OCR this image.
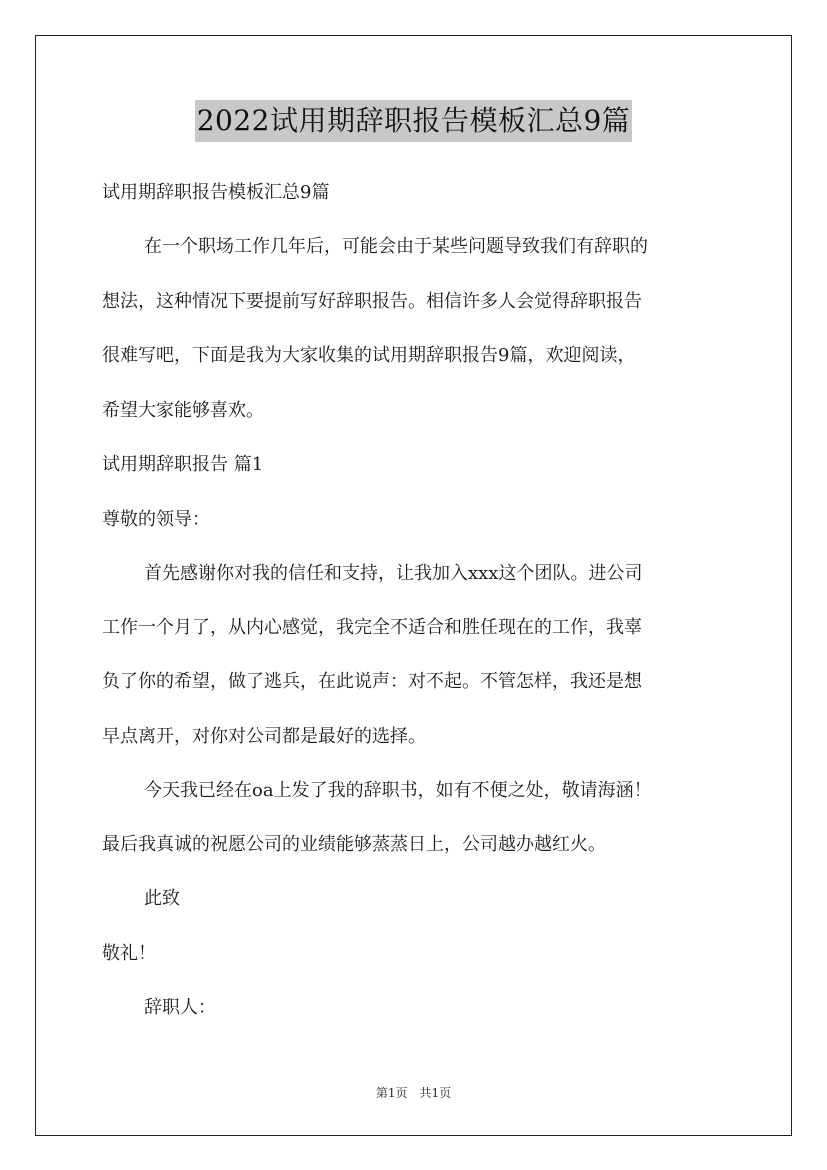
2022试用期辞职报告模板汇总9篇
试用期辞职报告模板汇总9篇
在一个职场工作几年后，可能会由于某些问题导致我们有辞职的
想法，这种情况下要提前写好辞职报告。相信许多人会觉得辞职报告
很难写吧，下面是我为大家收集的试用期辞职报告9篇，欢迎阅读，
希望大家能够喜欢。
试用期辞职报告 篇1
尊敬的领导：
首先感谢你对我的信任和支持，让我加入xxx这个团队。进公司
工作一个月了，从内心感觉，我完全不适合和胜任现在的工作，我辜
负了你的希望，做了逃兵，在此说声：对不起。不管怎样，我还是想
早点离开，对你对公司都是最好的选择。
今天我已经在oa上发了我的辞职书，如有不便之处，敬请海涵！
最后我真诚的祝愿公司的业绩能够蒸蒸日上，公司越办越红火。
此致
敬礼！
辞职人：
第1页　共1页
